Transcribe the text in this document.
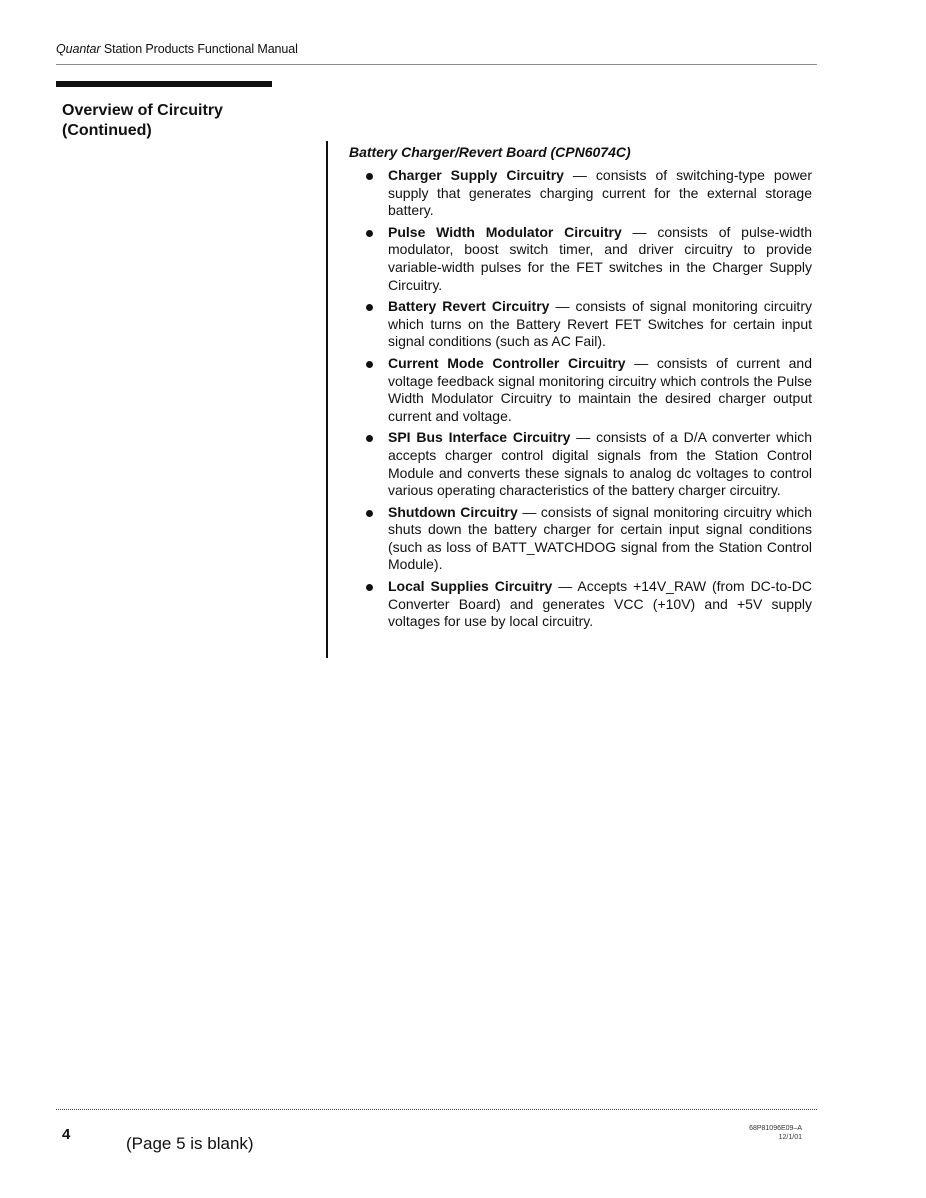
Quantar Station Products Functional Manual
Overview of Circuitry
(Continued)
Battery Charger/Revert Board (CPN6074C)
Charger Supply Circuitry — consists of switching-type power supply that generates charging current for the external storage battery.
Pulse Width Modulator Circuitry — consists of pulse-width modulator, boost switch timer, and driver circuitry to provide variable-width pulses for the FET switches in the Charger Supply Circuitry.
Battery Revert Circuitry — consists of signal monitoring circuitry which turns on the Battery Revert FET Switches for certain input signal conditions (such as AC Fail).
Current Mode Controller Circuitry — consists of current and voltage feedback signal monitoring circuitry which controls the Pulse Width Modulator Circuitry to maintain the desired charger output current and voltage.
SPI Bus Interface Circuitry — consists of a D/A converter which accepts charger control digital signals from the Station Control Module and converts these signals to analog dc voltages to control various operating characteristics of the battery charger circuitry.
Shutdown Circuitry — consists of signal monitoring circuitry which shuts down the battery charger for certain input signal conditions (such as loss of BATT_WATCHDOG signal from the Station Control Module).
Local Supplies Circuitry — Accepts +14V_RAW (from DC-to-DC Converter Board) and generates VCC (+10V) and +5V supply voltages for use by local circuitry.
4	(Page 5 is blank)
68P81096E09–A
12/1/01
